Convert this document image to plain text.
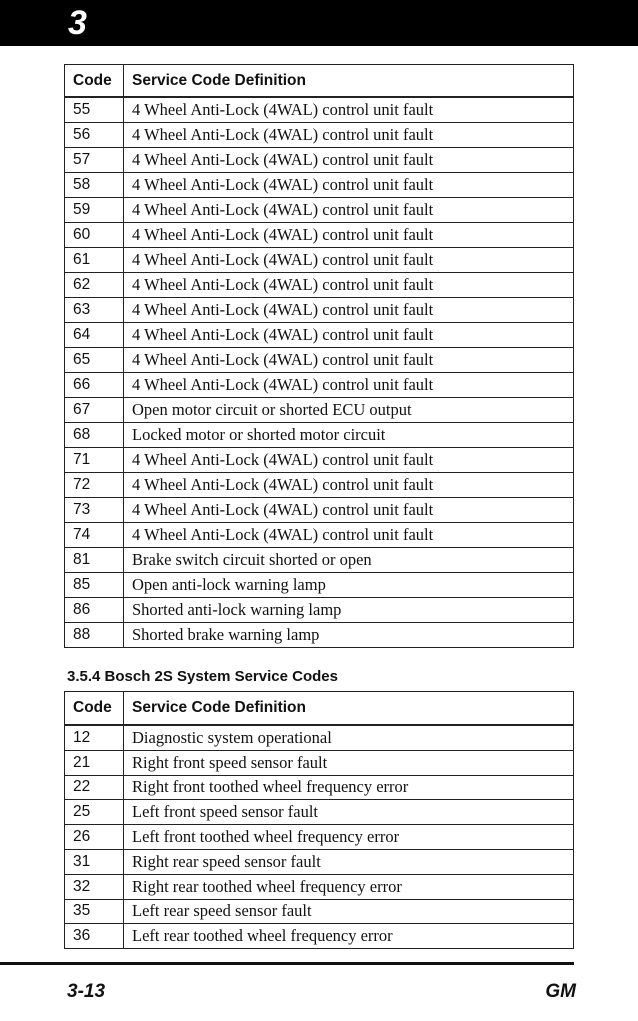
3
Code	Service Code Definition
55	4 Wheel Anti-Lock (4WAL) control unit fault
56	4 Wheel Anti-Lock (4WAL) control unit fault
57	4 Wheel Anti-Lock (4WAL) control unit fault
58	4 Wheel Anti-Lock (4WAL) control unit fault
59	4 Wheel Anti-Lock (4WAL) control unit fault
60	4 Wheel Anti-Lock (4WAL) control unit fault
61	4 Wheel Anti-Lock (4WAL) control unit fault
62	4 Wheel Anti-Lock (4WAL) control unit fault
63	4 Wheel Anti-Lock (4WAL) control unit fault
64	4 Wheel Anti-Lock (4WAL) control unit fault
65	4 Wheel Anti-Lock (4WAL) control unit fault
66	4 Wheel Anti-Lock (4WAL) control unit fault
67	Open motor circuit or shorted ECU output
68	Locked motor or shorted motor circuit
71	4 Wheel Anti-Lock (4WAL) control unit fault
72	4 Wheel Anti-Lock (4WAL) control unit fault
73	4 Wheel Anti-Lock (4WAL) control unit fault
74	4 Wheel Anti-Lock (4WAL) control unit fault
81	Brake switch circuit shorted or open
85	Open anti-lock warning lamp
86	Shorted anti-lock warning lamp
88	Shorted brake warning lamp
3.5.4 Bosch 2S System Service Codes
Code	Service Code Definition
12	Diagnostic system operational
21	Right front speed sensor fault
22	Right front toothed wheel frequency error
25	Left front speed sensor fault
26	Left front toothed wheel frequency error
31	Right rear speed sensor fault
32	Right rear toothed wheel frequency error
35	Left rear speed sensor fault
36	Left rear toothed wheel frequency error
3-13	GM
